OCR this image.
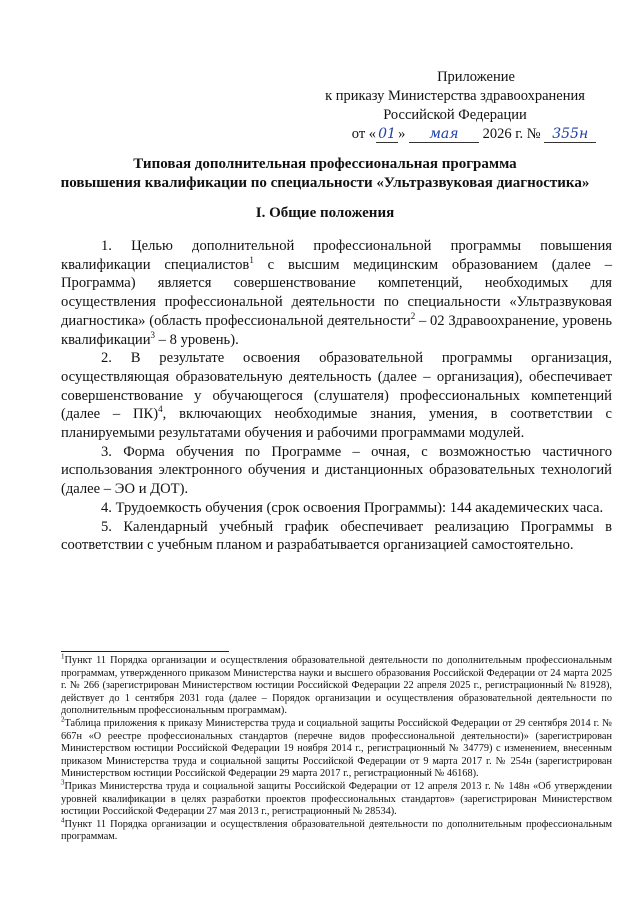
Приложение
к приказу Министерства здравоохранения
Российской Федерации
от « 01 » мая 2026 г. № 355н
Типовая дополнительная профессиональная программа
повышения квалификации по специальности «Ультразвуковая диагностика»
I. Общие положения

1. Целью дополнительной профессиональной программы повышения квалификации специалистов$^1$ с высшим медицинским образованием (далее – Программа) является совершенствование компетенций, необходимых для осуществления профессиональной деятельности по специальности «Ультразвуковая диагностика» (область профессиональной деятельности$^2$ – 02 Здравоохранение, уровень квалификации$^3$ – 8 уровень).

2. В результате освоения образовательной программы организация, осуществляющая образовательную деятельность (далее – организация), обеспечивает совершенствование у обучающегося (слушателя) профессиональных компетенций (далее – ПК)$^4$, включающих необходимые знания, умения, в соответствии с планируемыми результатами обучения и рабочими программами модулей.

3. Форма обучения по Программе – очная, с возможностью частичного использования электронного обучения и дистанционных образовательных технологий (далее – ЭО и ДОТ).

4. Трудоемкость обучения (срок освоения Программы): 144 академических часа.

5. Календарный учебный график обеспечивает реализацию Программы в соответствии с учебным планом и разрабатывается организацией самостоятельно.

$^1$Пункт 11 Порядка организации и осуществления образовательной деятельности по дополнительным профессиональным программам, утвержденного приказом Министерства науки и высшего образования Российской Федерации от 24 марта 2025 г. № 266 (зарегистрирован Министерством юстиции Российской Федерации 22 апреля 2025 г., регистрационный № 81928), действует до 1 сентября 2031 года (далее – Порядок организации и осуществления образовательной деятельности по дополнительным профессиональным программам).

$^2$Таблица приложения к приказу Министерства труда и социальной защиты Российской Федерации от 29 сентября 2014 г. № 667н «О реестре профессиональных стандартов (перечне видов профессиональной деятельности)» (зарегистрирован Министерством юстиции Российской Федерации 19 ноября 2014 г., регистрационный № 34779) с изменением, внесенным приказом Министерства труда и социальной защиты Российской Федерации от 9 марта 2017 г. № 254н (зарегистрирован Министерством юстиции Российской Федерации 29 марта 2017 г., регистрационный № 46168).

$^3$Приказ Министерства труда и социальной защиты Российской Федерации от 12 апреля 2013 г. № 148н «Об утверждении уровней квалификации в целях разработки проектов профессиональных стандартов» (зарегистрирован Министерством юстиции Российской Федерации 27 мая 2013 г., регистрационный № 28534).

$^4$Пункт 11 Порядка организации и осуществления образовательной деятельности по дополнительным профессиональным программам.
